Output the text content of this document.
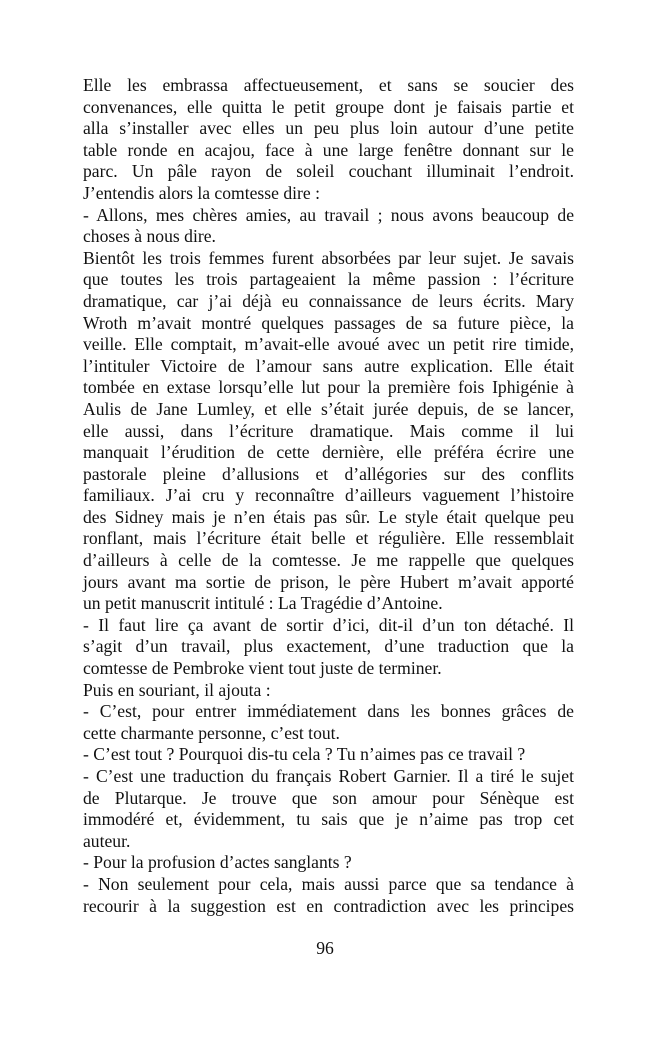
Elle les embrassa affectueusement, et sans se soucier des
convenances, elle quitta le petit groupe dont je faisais partie et
alla s’installer avec elles un peu plus loin autour d’une petite
table ronde en acajou, face à une large fenêtre donnant sur le
parc. Un pâle rayon de soleil couchant illuminait l’endroit.
J’entendis alors la comtesse dire :
- Allons, mes chères amies, au travail ; nous avons beaucoup de
choses à nous dire.
Bientôt les trois femmes furent absorbées par leur sujet. Je savais
que toutes les trois partageaient la même passion : l’écriture
dramatique, car j’ai déjà eu connaissance de leurs écrits. Mary
Wroth m’avait montré quelques passages de sa future pièce, la
veille. Elle comptait, m’avait-elle avoué avec un petit rire timide,
l’intituler Victoire de l’amour sans autre explication. Elle était
tombée en extase lorsqu’elle lut pour la première fois Iphigénie à
Aulis de Jane Lumley, et elle s’était jurée depuis, de se lancer,
elle aussi, dans l’écriture dramatique. Mais comme il lui
manquait l’érudition de cette dernière, elle préféra écrire une
pastorale pleine d’allusions et d’allégories sur des conflits
familiaux. J’ai cru y reconnaître d’ailleurs vaguement l’histoire
des Sidney mais je n’en étais pas sûr. Le style était quelque peu
ronflant, mais l’écriture était belle et régulière. Elle ressemblait
d’ailleurs à celle de la comtesse. Je me rappelle que quelques
jours avant ma sortie de prison, le père Hubert m’avait apporté
un petit manuscrit intitulé : La Tragédie d’Antoine.
- Il faut lire ça avant de sortir d’ici, dit-il d’un ton détaché. Il
s’agit d’un travail, plus exactement, d’une traduction que la
comtesse de Pembroke vient tout juste de terminer.
Puis en souriant, il ajouta :
- C’est, pour entrer immédiatement dans les bonnes grâces de
cette charmante personne, c’est tout.
- C’est tout ? Pourquoi dis-tu cela ? Tu n’aimes pas ce travail ?
- C’est une traduction du français Robert Garnier. Il a tiré le sujet
de Plutarque. Je trouve que son amour pour Sénèque est
immodéré et, évidemment, tu sais que je n’aime pas trop cet
auteur.
- Pour la profusion d’actes sanglants ?
- Non seulement pour cela, mais aussi parce que sa tendance à
recourir à la suggestion est en contradiction avec les principes
96
